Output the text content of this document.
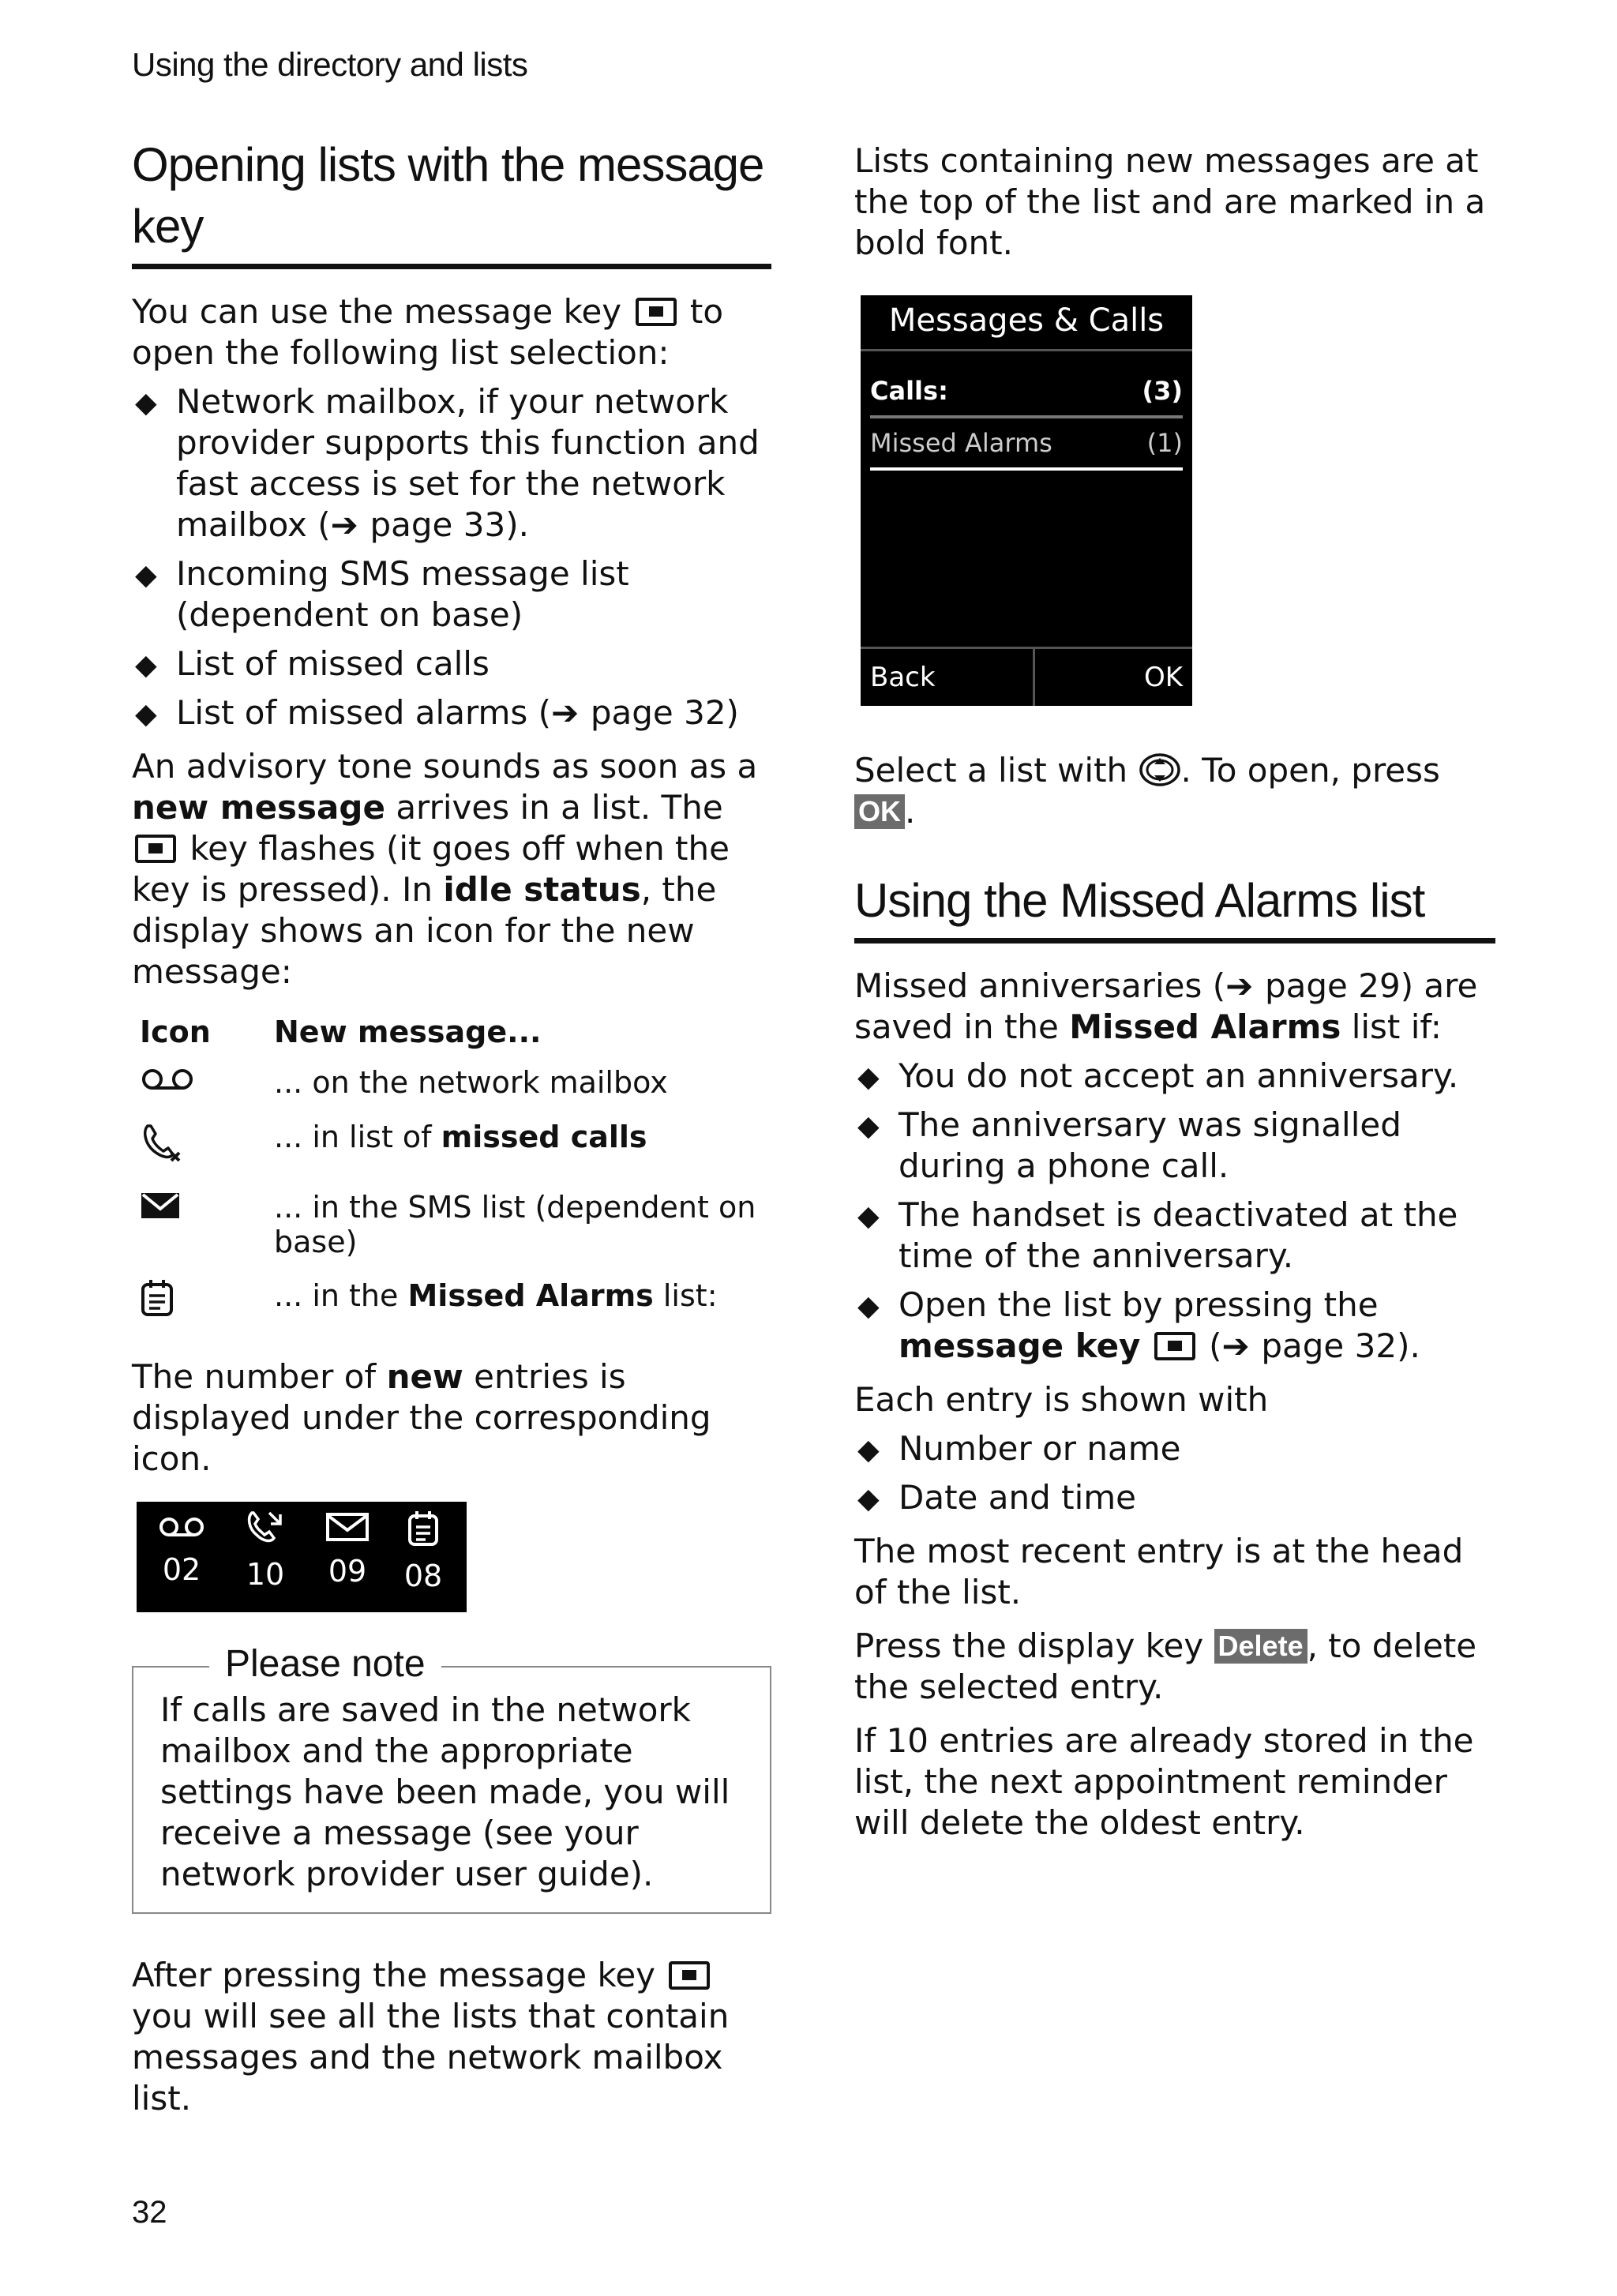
Using the directory and lists
Opening lists with the message key

You can use the message key to open the following list selection:

◆ Network mailbox, if your network provider supports this function and fast access is set for the network mailbox (➔ page 33).
◆ Incoming SMS message list (dependent on base)
◆ List of missed calls
◆ List of missed alarms (➔ page 32)

An advisory tone sounds as soon as a new message arrives in a list. The  key flashes (it goes off when the key is pressed). In idle status, the display shows an icon for the new message:

Icon	New message...
	... on the network mailbox
	... in list of missed calls
	... in the SMS list (dependent on base)
	... in the Missed Alarms list:

The number of new entries is displayed under the corresponding icon.

02	10	09	08
Please note

If calls are saved in the network mailbox and the appropriate settings have been made, you will receive a message (see your network provider user guide).

After pressing the message key  you will see all the lists that contain messages and the network mailbox list.

Lists containing new messages are at the top of the list and are marked in a bold font.

Messages & Calls
Calls:	(3)
Missed Alarms	(1)
Back	OK

Select a list with . To open, press OK .

Using the Missed Alarms list

Missed anniversaries (➔ page 29) are saved in the Missed Alarms list if:

◆ You do not accept an anniversary.
◆ The anniversary was signalled during a phone call.
◆ The handset is deactivated at the time of the anniversary.
◆ Open the list by pressing the message key  (➔ page 32).

Each entry is shown with

◆ Number or name
◆ Date and time

The most recent entry is at the head of the list.

Press the display key Delete , to delete the selected entry.

If 10 entries are already stored in the list, the next appointment reminder will delete the oldest entry.

32
